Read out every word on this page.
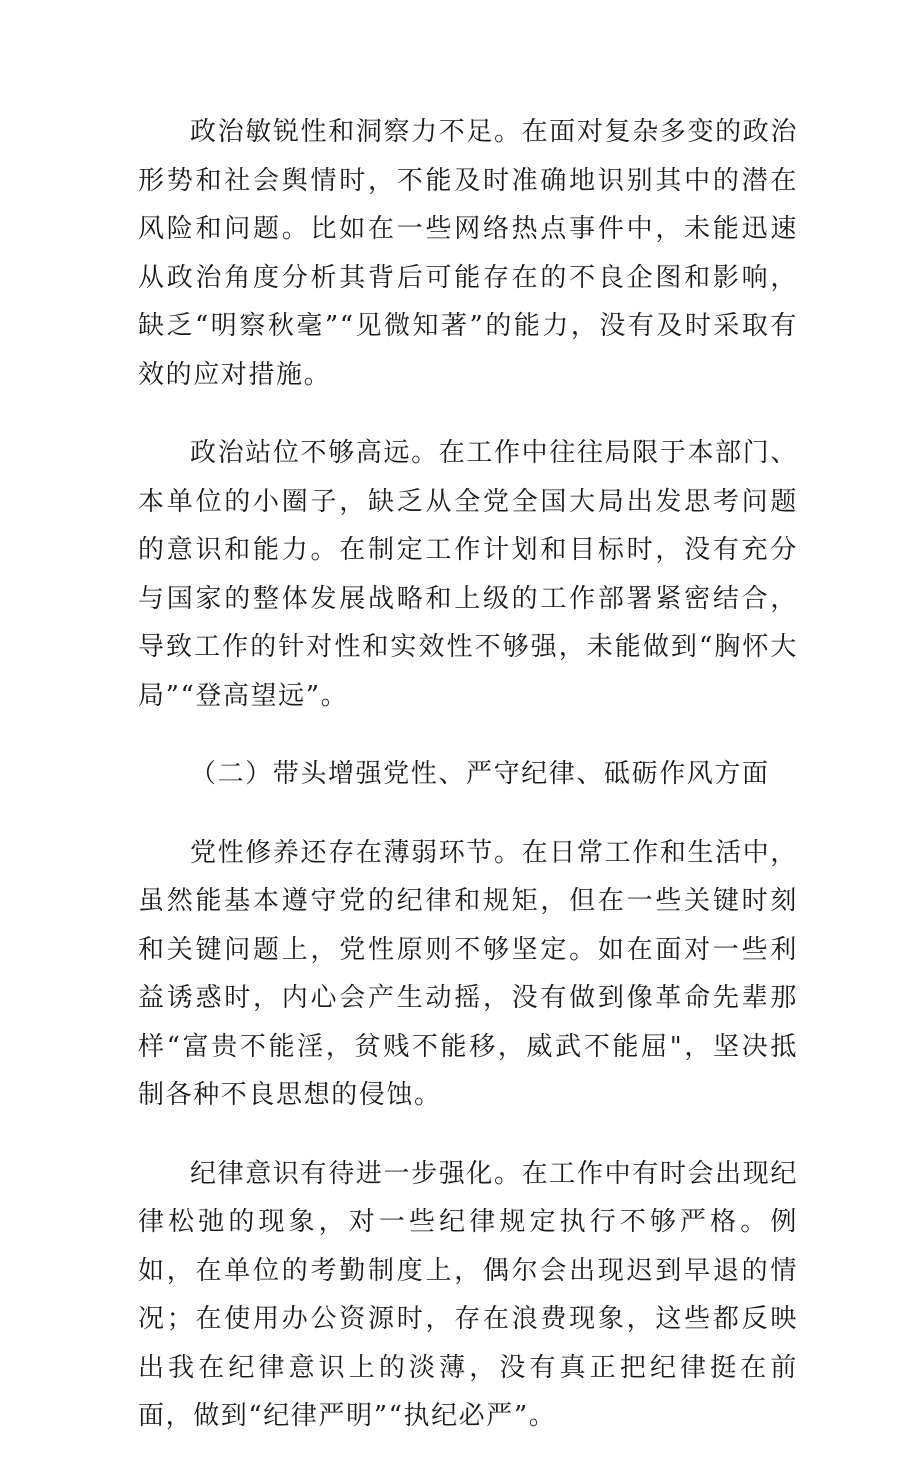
政治敏锐性和洞察力不足。在面对复杂多变的政治形势和社会舆情时，不能及时准确地识别其中的潜在风险和问题。比如在一些网络热点事件中，未能迅速从政治角度分析其背后可能存在的不良企图和影响，缺乏“明察秋毫”“见微知著”的能力，没有及时采取有效的应对措施。

政治站位不够高远。在工作中往往局限于本部门、本单位的小圈子，缺乏从全党全国大局出发思考问题的意识和能力。在制定工作计划和目标时，没有充分与国家的整体发展战略和上级的工作部署紧密结合，导致工作的针对性和实效性不够强，未能做到“胸怀大局”“登高望远”。

（二）带头增强党性、严守纪律、砥砺作风方面

党性修养还存在薄弱环节。在日常工作和生活中，虽然能基本遵守党的纪律和规矩，但在一些关键时刻和关键问题上，党性原则不够坚定。如在面对一些利益诱惑时，内心会产生动摇，没有做到像革命先辈那样“富贵不能淫，贫贱不能移，威武不能屈"，坚决抵制各种不良思想的侵蚀。

纪律意识有待进一步强化。在工作中有时会出现纪律松弛的现象，对一些纪律规定执行不够严格。例如，在单位的考勤制度上，偶尔会出现迟到早退的情况；在使用办公资源时，存在浪费现象，这些都反映出我在纪律意识上的淡薄，没有真正把纪律挺在前面，做到“纪律严明”“执纪必严”。
